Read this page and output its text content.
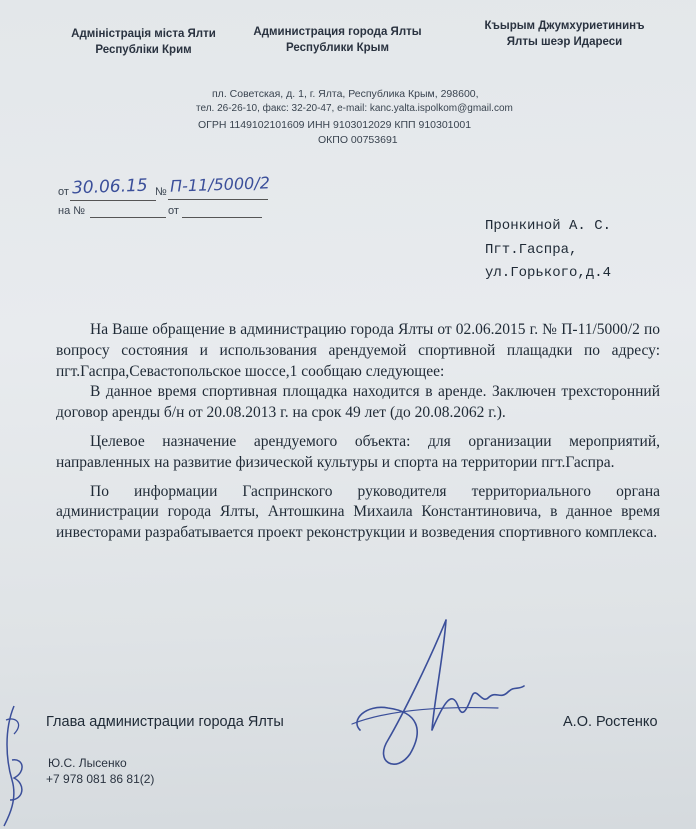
Адміністрація міста Ялти
Республіки Крим
Администрация города Ялты
Республики Крым
Къырым Джумхуриетининъ
Ялты шеэр Идареси
пл. Советская, д. 1, г. Ялта, Республика Крым, 298600,
тел. 26-26-10, факс: 32-20-47, e-mail: kanc.yalta.ispolkom@gmail.com
ОГРН 1149102101609 ИНН 9103012029 КПП 910301001
ОКПО 00753691
от 30.06.15 № П-11/5000/2
на №	от
Пронкиной А. С.
Пгт.Гаспра,
ул.Горького,д.4

На Ваше обращение в администрацию города Ялты от 02.06.2015 г. № П-11/5000/2 по вопросу состояния и использования арендуемой спортивной плащадки по адресу: пгт.Гаспра,Севастопольское шоссе,1 сообщаю следующее:

В данное время спортивная площадка находится в аренде. Заключен трехсторонний договор аренды б/н от 20.08.2013 г. на срок 49 лет (до 20.08.2062 г.).

Целевое назначение арендуемого объекта: для организации мероприятий, направленных на развитие физической культуры и спорта на территории пгт.Гаспра.

По информации Гаспринского руководителя территориального органа администрации города Ялты, Антошкина Михаила Константиновича, в данное время инвесторами разрабатывается проект реконструкции и возведения спортивного комплекса.

Глава администрации города Ялты	А.О. Ростенко
Ю.С. Лысенко
+7 978 081 86 81(2)
